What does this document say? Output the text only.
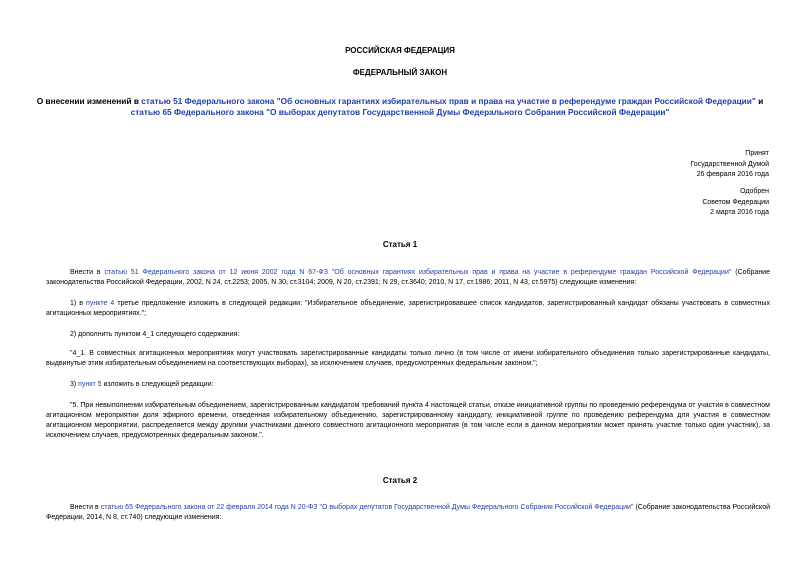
РОССИЙСКАЯ ФЕДЕРАЦИЯ
ФЕДЕРАЛЬНЫЙ ЗАКОН
О внесении изменений в статью 51 Федерального закона "Об основных гарантиях избирательных прав и права на участие в референдуме граждан Российской Федерации" и статью 65 Федерального закона "О выборах депутатов Государственной Думы Федерального Собрания Российской Федерации"
Принят
Государственной Думой
26 февраля 2016 года
Одобрен
Советом Федерации
2 марта 2016 года
Статья 1
Внести в статью 51 Федерального закона от 12 июня 2002 года N 67-ФЗ "Об основных гарантиях избирательных прав и права на участие в референдуме граждан Российской Федерации" (Собрание законодательства Российской Федерации, 2002, N 24, ст.2253; 2005, N 30, ст.3104; 2009, N 20, ст.2391; N 29, ст.3640; 2010, N 17, ст.1986; 2011, N 43, ст.5975) следующие изменения:
1) в пункте 4 третье предложение изложить в следующей редакции: "Избирательное объединение, зарегистрировавшее список кандидатов, зарегистрированный кандидат обязаны участвовать в совместных агитационных мероприятиях.";
2) дополнить пунктом 4_1 следующего содержания:
"4_1. В совместных агитационных мероприятиях могут участвовать зарегистрированные кандидаты только лично (в том числе от имени избирательного объединения только зарегистрированные кандидаты, выдвинутые этим избирательным объединением на соответствующих выборах), за исключением случаев, предусмотренных федеральным законом.";
3) пункт 5 изложить в следующей редакции:
"5. При невыполнении избирательным объединением, зарегистрированным кандидатом требований пункта 4 настоящей статьи, отказе инициативной группы по проведению референдума от участия в совместном агитационном мероприятии доля эфирного времени, отведенная избирательному объединению, зарегистрированному кандидату, инициативной группе по проведению референдума для участия в совместном агитационном мероприятии, распределяется между другими участниками данного совместного агитационного мероприятия (в том числе если в данном мероприятии может принять участие только один участник), за исключением случаев, предусмотренных федеральным законом.".
Статья 2
Внести в статью 65 Федерального закона от 22 февраля 2014 года N 20-ФЗ "О выборах депутатов Государственной Думы Федерального Собрания Российской Федерации" (Собрание законодательства Российской Федерации, 2014, N 8, ст.740) следующие изменения:
